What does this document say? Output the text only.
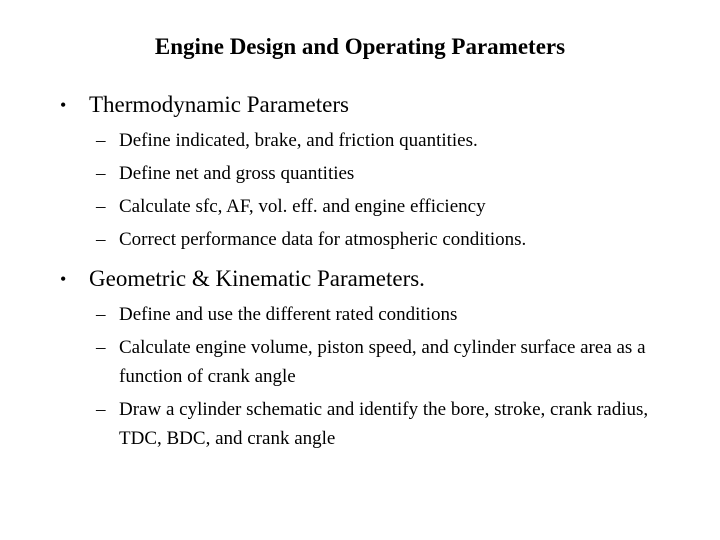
Engine Design and Operating Parameters
• Thermodynamic Parameters
– Define indicated, brake, and friction quantities.
– Define net and gross quantities
– Calculate sfc, AF, vol. eff. and engine efficiency
– Correct performance data for atmospheric conditions.
• Geometric & Kinematic Parameters.
– Define and use the different rated conditions
– Calculate engine volume, piston speed, and cylinder surface area as a function of crank angle
– Draw a cylinder schematic and identify the bore, stroke, crank radius, TDC, BDC, and crank angle
